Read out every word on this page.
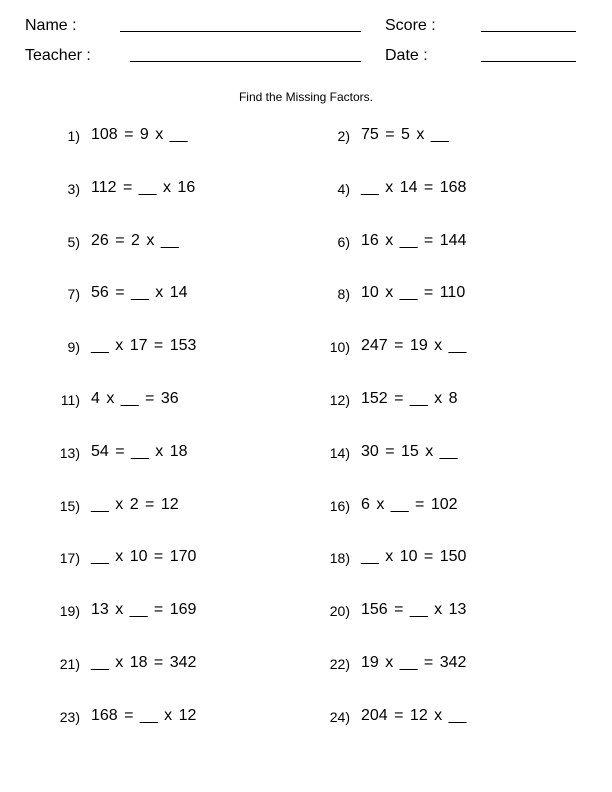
Name :	Score :
Teacher :	Date :
Find the Missing Factors.
1) 108 = 9 x __	2) 75 = 5 x __
3) 112 = __ x 16	4) __ x 14 = 168
5) 26 = 2 x __	6) 16 x __ = 144
7) 56 = __ x 14	8) 10 x __ = 110
9) __ x 17 = 153	10) 247 = 19 x __
11) 4 x __ = 36	12) 152 = __ x 8
13) 54 = __ x 18	14) 30 = 15 x __
15) __ x 2 = 12	16) 6 x __ = 102
17) __ x 10 = 170	18) __ x 10 = 150
19) 13 x __ = 169	20) 156 = __ x 13
21) __ x 18 = 342	22) 19 x __ = 342
23) 168 = __ x 12	24) 204 = 12 x __
